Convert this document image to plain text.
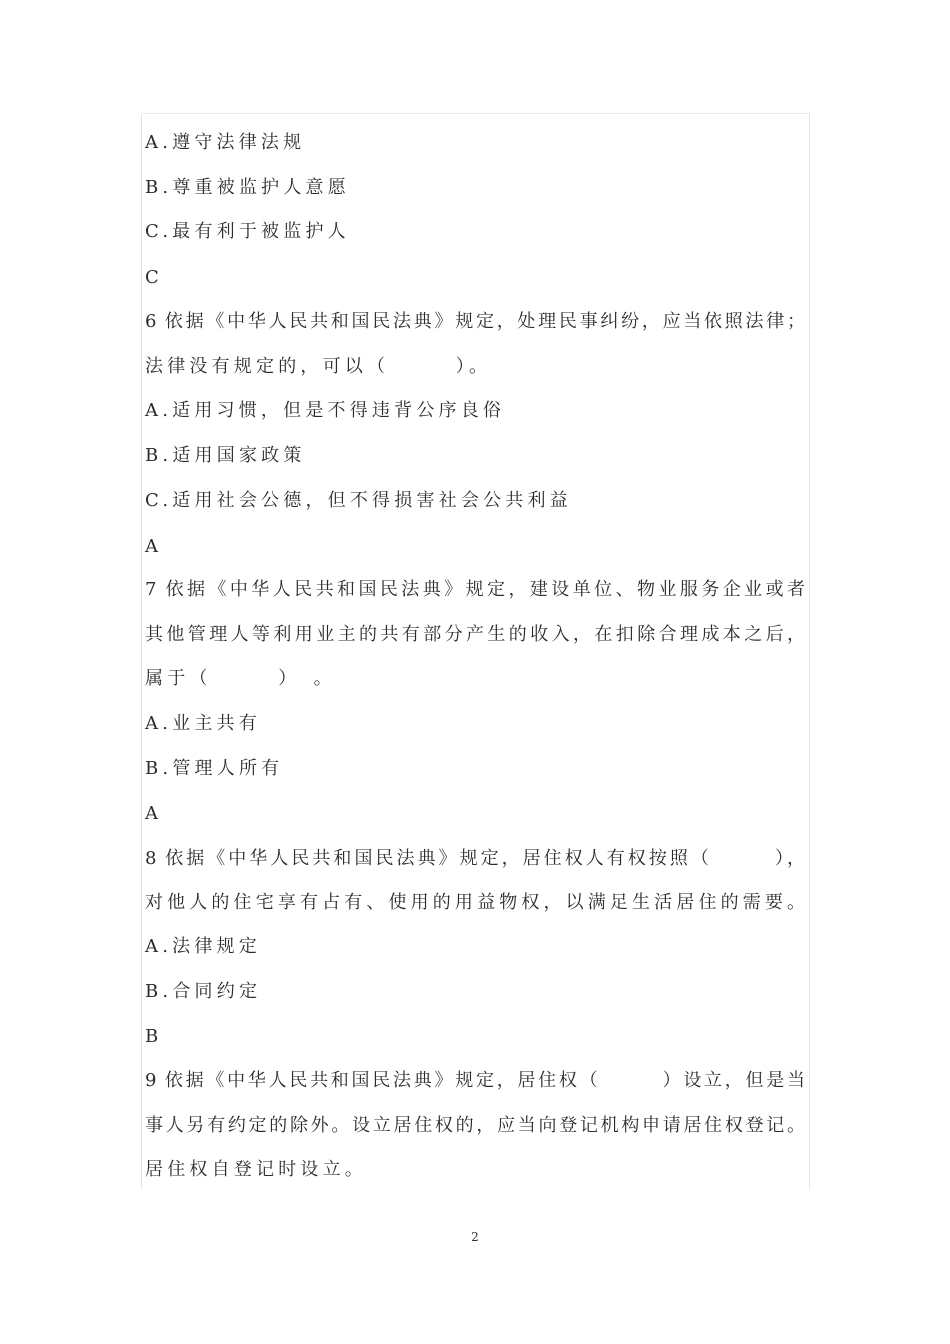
A.遵守法律法规
B.尊重被监护人意愿
C.最有利于被监护人
C
6 依据《中华人民共和国民法典》规定，处理民事纠纷，应当依照法律；
法律没有规定的，可以（　　　）。
A.适用习惯，但是不得违背公序良俗
B.适用国家政策
C.适用社会公德，但不得损害社会公共利益
A
7 依据《中华人民共和国民法典》规定，建设单位、物业服务企业或者
其他管理人等利用业主的共有部分产生的收入，在扣除合理成本之后，
属于（　　　）　。
A.业主共有
B.管理人所有
A
8 依据《中华人民共和国民法典》规定，居住权人有权按照（　　　），
对他人的住宅享有占有、使用的用益物权，以满足生活居住的需要。
A.法律规定
B.合同约定
B
9 依据《中华人民共和国民法典》规定，居住权（　　　）设立，但是当
事人另有约定的除外。设立居住权的，应当向登记机构申请居住权登记。
居住权自登记时设立。
2
